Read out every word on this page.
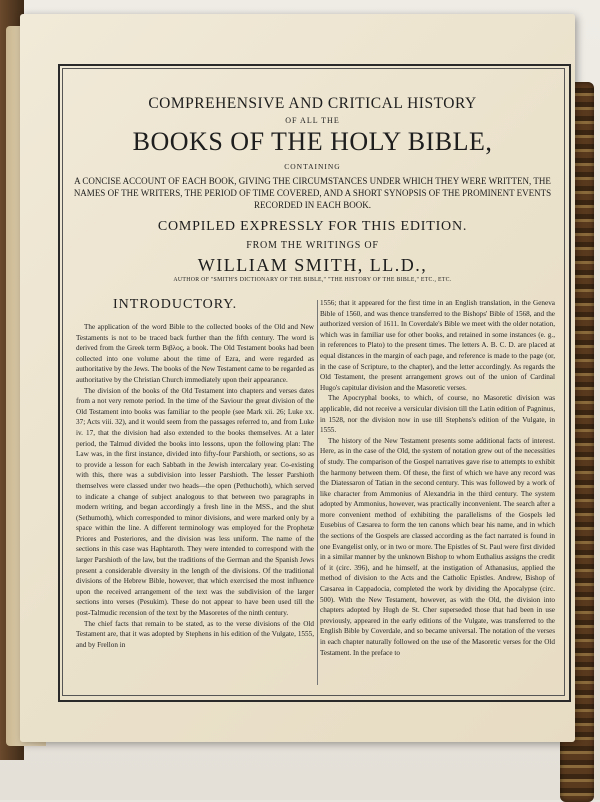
COMPREHENSIVE AND CRITICAL HISTORY
OF ALL THE
BOOKS OF THE HOLY BIBLE,
CONTAINING
A CONCISE ACCOUNT OF EACH BOOK, GIVING THE CIRCUMSTANCES UNDER WHICH THEY WERE WRITTEN, THE NAMES OF THE WRITERS, THE PERIOD OF TIME COVERED, AND A SHORT SYNOPSIS OF THE PROMINENT EVENTS RECORDED IN EACH BOOK.
COMPILED EXPRESSLY FOR THIS EDITION.
FROM THE WRITINGS OF
WILLIAM SMITH, LL.D.,
AUTHOR OF "SMITH'S DICTIONARY OF THE BIBLE," "THE HISTORY OF THE BIBLE," ETC., ETC.
INTRODUCTORY.

The application of the word Bible to the collected books of the Old and New Testaments is not to be traced back further than the fifth century. The word is derived from the Greek term Βιβλος, a book. The Old Testament books had been collected into one volume about the time of Ezra, and were regarded as authoritative by the Jews. The books of the New Testament came to be regarded as authoritative by the Christian Church immediately upon their appearance.

The division of the books of the Old Testament into chapters and verses dates from a not very remote period. In the time of the Saviour the great division of the Old Testament into books was familiar to the people (see Mark xii. 26; Luke xx. 37; Acts viii. 32), and it would seem from the passages referred to, and from Luke iv. 17, that the division had also extended to the books themselves. At a later period, the Talmud divided the books into lessons, upon the following plan: The Law was, in the first instance, divided into fifty-four Parshioth, or sections, so as to provide a lesson for each Sabbath in the Jewish intercalary year. Co-existing with this, there was a subdivision into lesser Parshioth. The lesser Parshioth themselves were classed under two heads—the open (Pethuchoth), which served to indicate a change of subject analogous to that between two paragraphs in modern writing, and began accordingly a fresh line in the MSS., and the shut (Sethumoth), which corresponded to minor divisions, and were marked only by a space within the line. A different terminology was employed for the Prophetæ Priores and Posteriores, and the division was less uniform. The name of the sections in this case was Haphtaroth. They were intended to correspond with the larger Parshioth of the law, but the traditions of the German and the Spanish Jews present a considerable diversity in the length of the divisions. Of the traditional divisions of the Hebrew Bible, however, that which exercised the most influence upon the received arrangement of the text was the subdivision of the larger sections into verses (Pesukim). These do not appear to have been used till the post-Talmudic recension of the text by the Masoretes of the ninth century.

The chief facts that remain to be stated, as to the verse divisions of the Old Testament are, that it was adopted by Stephens in his edition of the Vulgate, 1555, and by Frellon in

1556; that it appeared for the first time in an English translation, in the Geneva Bible of 1560, and was thence transferred to the Bishops' Bible of 1568, and the authorized version of 1611. In Coverdale's Bible we meet with the older notation, which was in familiar use for other books, and retained in some instances (e. g., in references to Plato) to the present times. The letters A. B. C. D. are placed at equal distances in the margin of each page, and reference is made to the page (or, in the case of Scripture, to the chapter), and the letter accordingly. As regards the Old Testament, the present arrangement grows out of the union of Cardinal Hugo's capitular division and the Masoretic verses.

The Apocryphal books, to which, of course, no Masoretic division was applicable, did not receive a versicular division till the Latin edition of Pagninus, in 1528, nor the division now in use till Stephens's edition of the Vulgate, in 1555.

The history of the New Testament presents some additional facts of interest. Here, as in the case of the Old, the system of notation grew out of the necessities of study. The comparison of the Gospel narratives gave rise to attempts to exhibit the harmony between them. Of these, the first of which we have any record was the Diatessaron of Tatian in the second century. This was followed by a work of like character from Ammonius of Alexandria in the third century. The system adopted by Ammonius, however, was practically inconvenient. The search after a more convenient method of exhibiting the parallelisms of the Gospels led Eusebius of Cæsarea to form the ten canons which bear his name, and in which the sections of the Gospels are classed according as the fact narrated is found in one Evangelist only, or in two or more. The Epistles of St. Paul were first divided in a similar manner by the unknown Bishop to whom Euthalius assigns the credit of it (circ. 396), and he himself, at the instigation of Athanasius, applied the method of division to the Acts and the Catholic Epistles. Andrew, Bishop of Cæsarea in Cappadocia, completed the work by dividing the Apocalypse (circ. 500). With the New Testament, however, as with the Old, the division into chapters adopted by Hugh de St. Cher superseded those that had been in use previously, appeared in the early editions of the Vulgate, was transferred to the English Bible by Coverdale, and so became universal. The notation of the verses in each chapter naturally followed on the use of the Masoretic verses for the Old Testament. In the preface to
